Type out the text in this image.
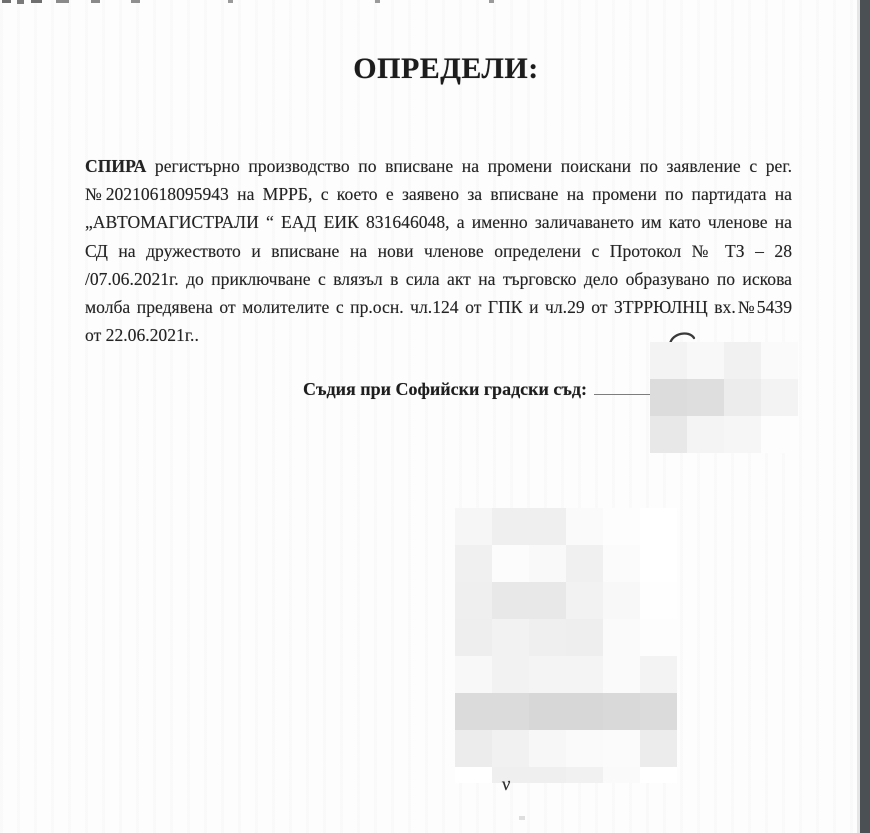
ОПРЕДЕЛИ:
СПИРА регистърно производство по вписване на промени поискани по заявление с рег.
№20210618095943 на МРРБ, с което е заявено за вписване на промени по партидата на
„АВТОМАГИСТРАЛИ “ ЕАД ЕИК 831646048, а именно заличаването им като членове на
СД на дружеството и вписване на нови членове определени с Протокол № ТЗ – 28
/07.06.2021г. до приключване с влязъл в сила акт на търговско дело образувано по искова
молба предявена от молителите с пр.осн. чл.124 от ГПК и чл.29 от ЗТРРЮЛНЦ вх.№5439
от 22.06.2021г..
Съдия при Софийски градски съд:
v
